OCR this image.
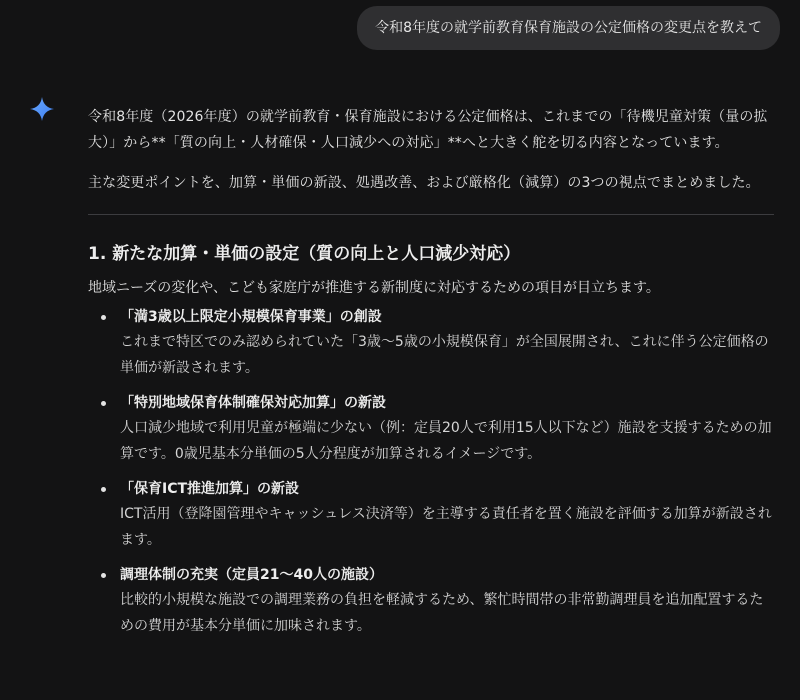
令和8年度の就学前教育保育施設の公定価格の変更点を教えて

令和8年度（2026年度）の就学前教育・保育施設における公定価格は、これまでの「待機児童対策（量の拡大）」から**「質の向上・人材確保・人口減少への対応」**へと大きく舵を切る内容となっています。

主な変更ポイントを、加算・単価の新設、処遇改善、および厳格化（減算）の3つの視点でまとめました。

1. 新たな加算・単価の設定（質の向上と人口減少対応）

地域ニーズの変化や、こども家庭庁が推進する新制度に対応するための項目が目立ちます。

「満3歳以上限定小規模保育事業」の創設
これまで特区でのみ認められていた「3歳～5歳の小規模保育」が全国展開され、これに伴う公定価格の単価が新設されます。
「特別地域保育体制確保対応加算」の新設
人口減少地域で利用児童が極端に少ない（例：定員20人で利用15人以下など）施設を支援するための加算です。0歳児基本分単価の5人分程度が加算されるイメージです。
「保育ICT推進加算」の新設
ICT活用（登降園管理やキャッシュレス決済等）を主導する責任者を置く施設を評価する加算が新設されます。
調理体制の充実（定員21～40人の施設）
比較的小規模な施設での調理業務の負担を軽減するため、繁忙時間帯の非常勤調理員を追加配置するための費用が基本分単価に加味されます。
